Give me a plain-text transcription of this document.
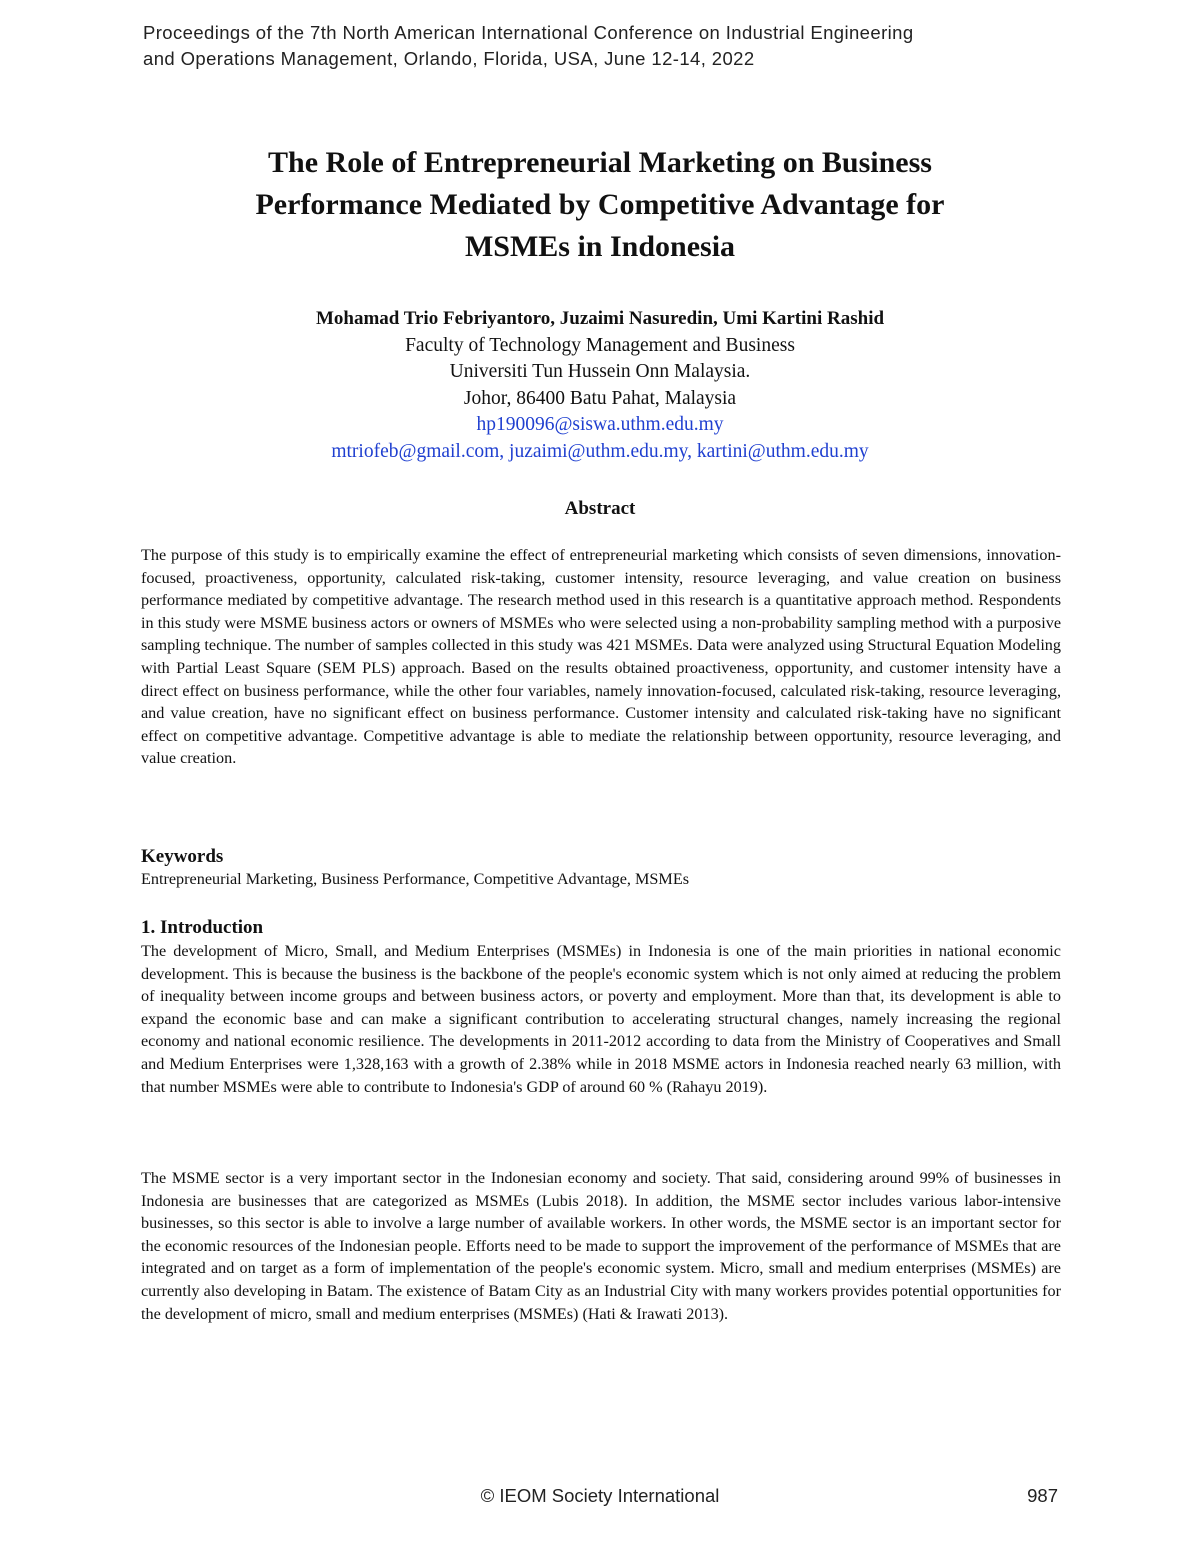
Proceedings of the 7th North American International Conference on Industrial Engineering
and Operations Management, Orlando, Florida, USA, June 12-14, 2022
The Role of Entrepreneurial Marketing on Business
Performance Mediated by Competitive Advantage for
MSMEs in Indonesia
Mohamad Trio Febriyantoro, Juzaimi Nasuredin, Umi Kartini Rashid
Faculty of Technology Management and Business
Universiti Tun Hussein Onn Malaysia.
Johor, 86400 Batu Pahat, Malaysia
hp190096@siswa.uthm.edu.my
mtriofeb@gmail.com, juzaimi@uthm.edu.my, kartini@uthm.edu.my
Abstract

The purpose of this study is to empirically examine the effect of entrepreneurial marketing which consists of seven dimensions, innovation-focused, proactiveness, opportunity, calculated risk-taking, customer intensity, resource leveraging, and value creation on business performance mediated by competitive advantage. The research method used in this research is a quantitative approach method. Respondents in this study were MSME business actors or owners of MSMEs who were selected using a non-probability sampling method with a purposive sampling technique. The number of samples collected in this study was 421 MSMEs. Data were analyzed using Structural Equation Modeling with Partial Least Square (SEM PLS) approach. Based on the results obtained proactiveness, opportunity, and customer intensity have a direct effect on business performance, while the other four variables, namely innovation-focused, calculated risk-taking, resource leveraging, and value creation, have no significant effect on business performance. Customer intensity and calculated risk-taking have no significant effect on competitive advantage. Competitive advantage is able to mediate the relationship between opportunity, resource leveraging, and value creation.

Keywords
Entrepreneurial Marketing, Business Performance, Competitive Advantage, MSMEs
1. Introduction

The development of Micro, Small, and Medium Enterprises (MSMEs) in Indonesia is one of the main priorities in national economic development. This is because the business is the backbone of the people's economic system which is not only aimed at reducing the problem of inequality between income groups and between business actors, or poverty and employment. More than that, its development is able to expand the economic base and can make a significant contribution to accelerating structural changes, namely increasing the regional economy and national economic resilience. The developments in 2011-2012 according to data from the Ministry of Cooperatives and Small and Medium Enterprises were 1,328,163 with a growth of 2.38% while in 2018 MSME actors in Indonesia reached nearly 63 million, with that number MSMEs were able to contribute to Indonesia's GDP of around 60 % (Rahayu 2019).

The MSME sector is a very important sector in the Indonesian economy and society. That said, considering around 99% of businesses in Indonesia are businesses that are categorized as MSMEs (Lubis 2018). In addition, the MSME sector includes various labor-intensive businesses, so this sector is able to involve a large number of available workers. In other words, the MSME sector is an important sector for the economic resources of the Indonesian people. Efforts need to be made to support the improvement of the performance of MSMEs that are integrated and on target as a form of implementation of the people's economic system. Micro, small and medium enterprises (MSMEs) are currently also developing in Batam. The existence of Batam City as an Industrial City with many workers provides potential opportunities for the development of micro, small and medium enterprises (MSMEs) (Hati & Irawati 2013).

© IEOM Society International	987
